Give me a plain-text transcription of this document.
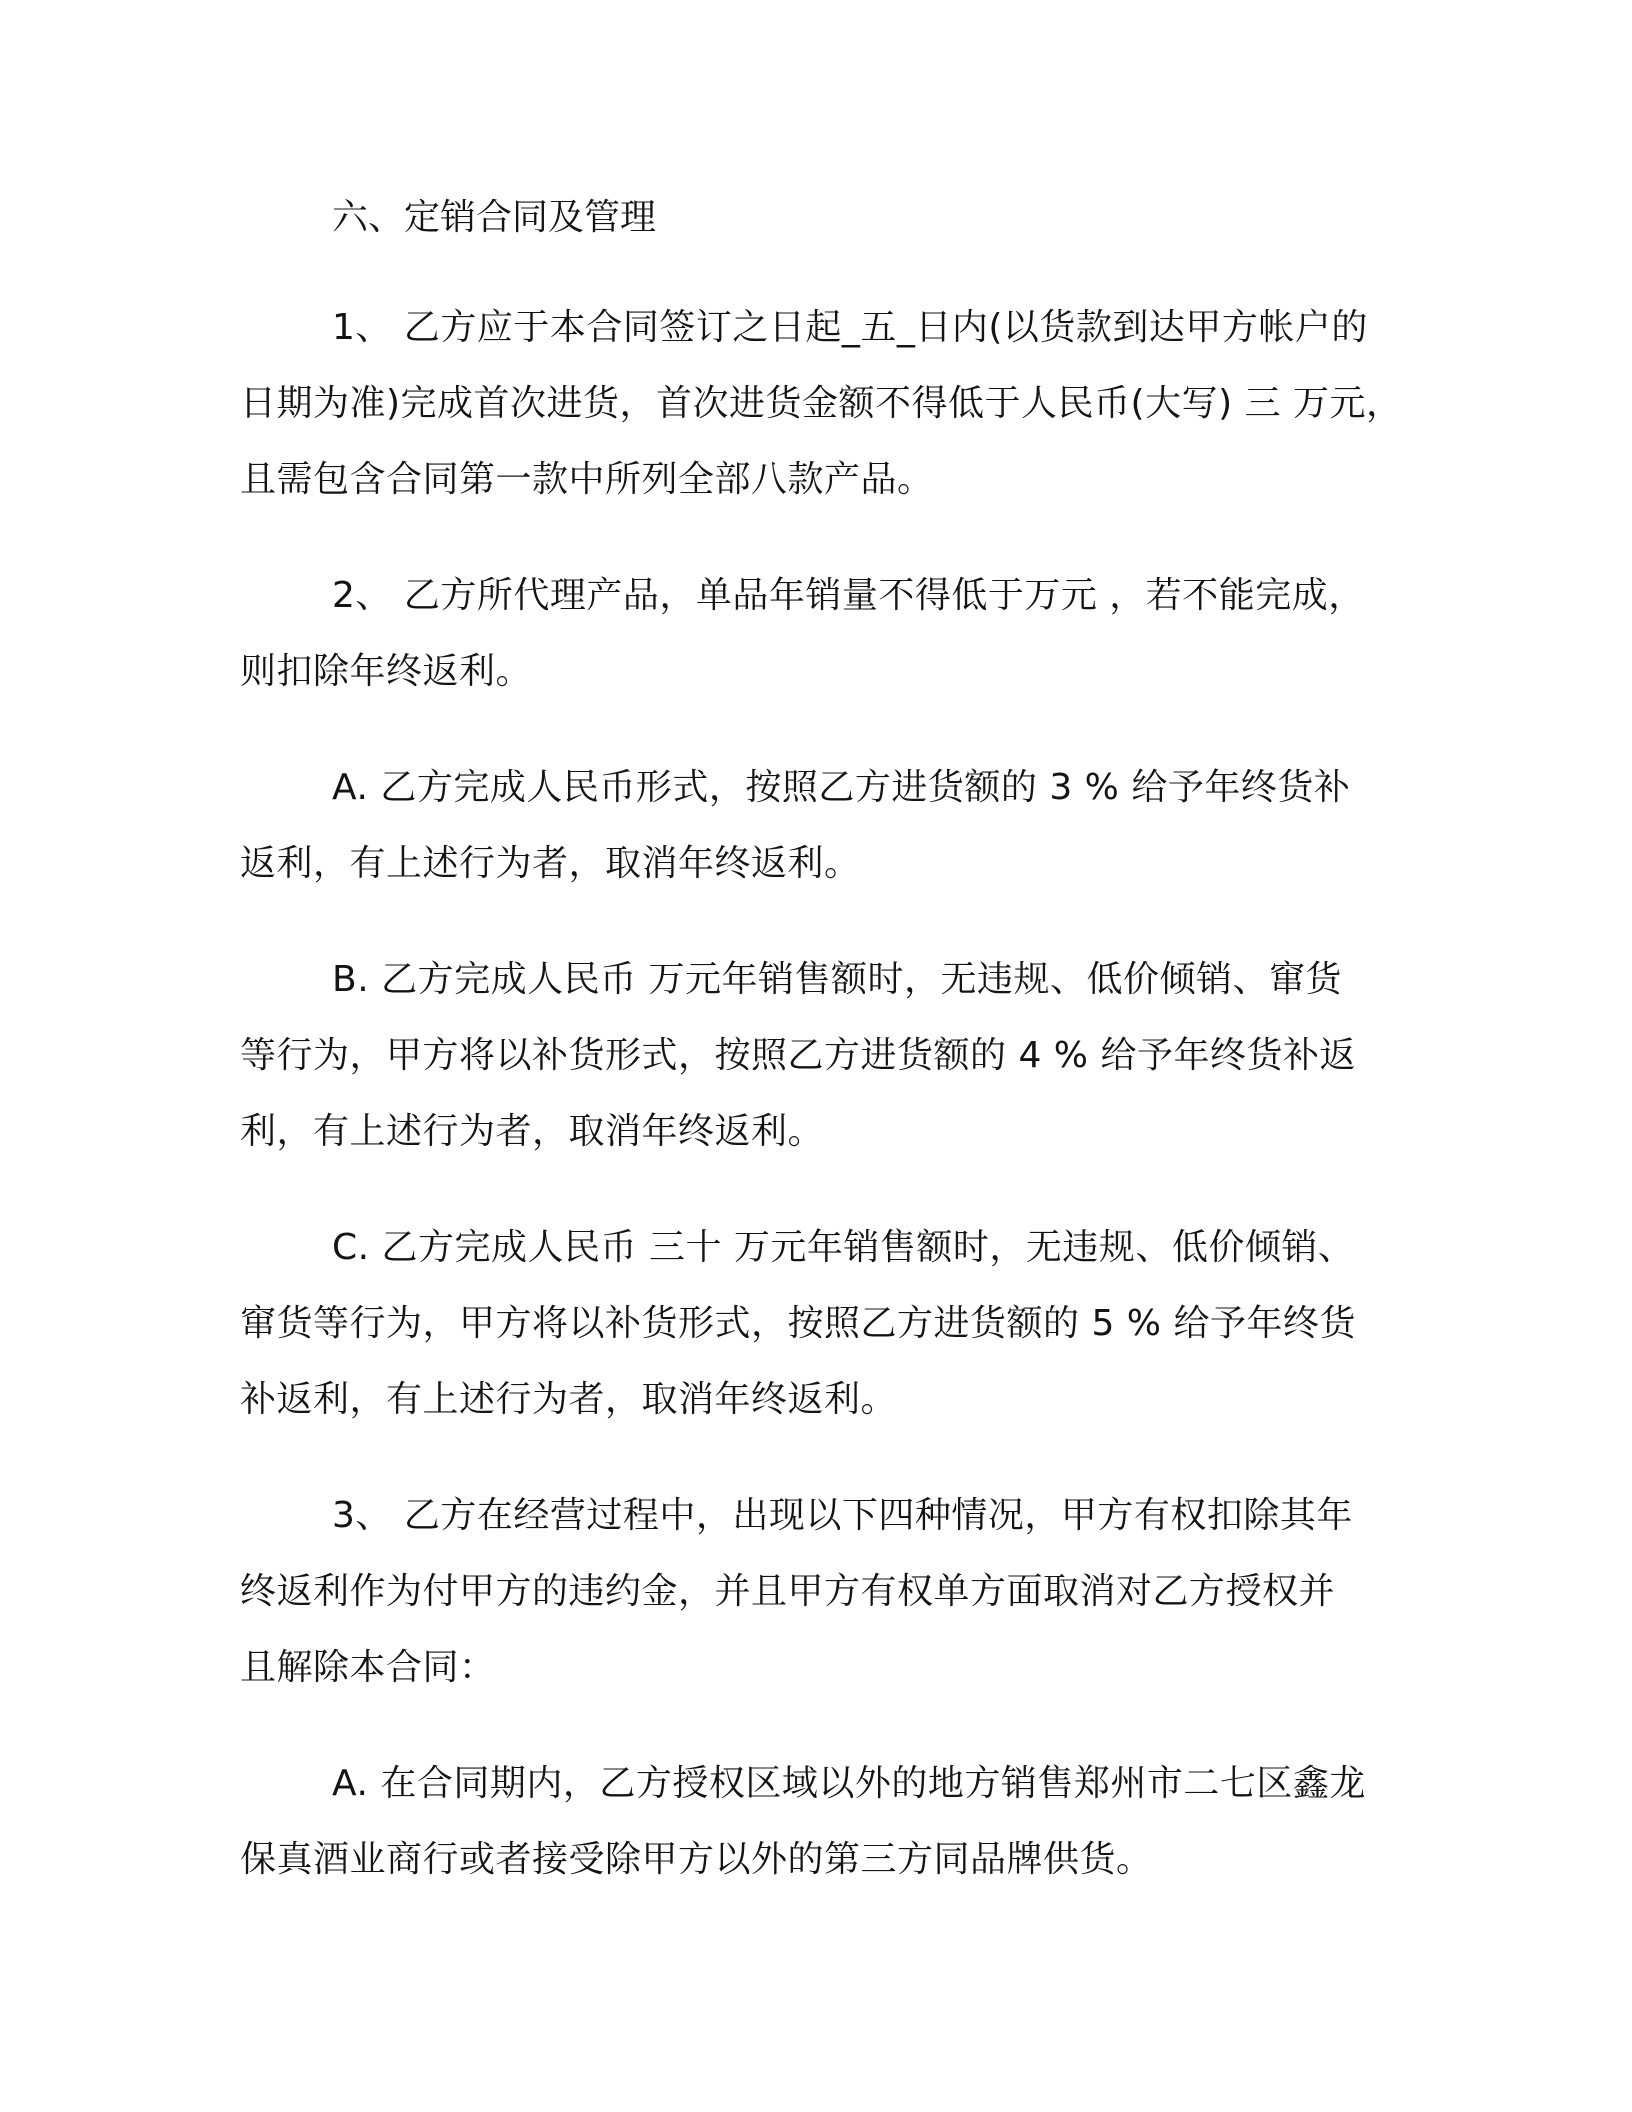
六、定销合同及管理
1、 乙方应于本合同签订之日起_五_日内(以货款到达甲方帐户的
日期为准)完成首次进货，首次进货金额不得低于人民币(大写) 三 万元，
且需包含合同第一款中所列全部八款产品。
2、 乙方所代理产品，单品年销量不得低于万元 ，若不能完成，
则扣除年终返利。
A. 乙方完成人民币形式，按照乙方进货额的 3 % 给予年终货补
返利，有上述行为者，取消年终返利。
B. 乙方完成人民币 万元年销售额时，无违规、低价倾销、窜货
等行为，甲方将以补货形式，按照乙方进货额的 4 % 给予年终货补返
利，有上述行为者，取消年终返利。
C. 乙方完成人民币 三十 万元年销售额时，无违规、低价倾销、
窜货等行为，甲方将以补货形式，按照乙方进货额的 5 % 给予年终货
补返利，有上述行为者，取消年终返利。
3、 乙方在经营过程中，出现以下四种情况，甲方有权扣除其年
终返利作为付甲方的违约金，并且甲方有权单方面取消对乙方授权并
且解除本合同：
A. 在合同期内，乙方授权区域以外的地方销售郑州市二七区鑫龙
保真酒业商行或者接受除甲方以外的第三方同品牌供货。
